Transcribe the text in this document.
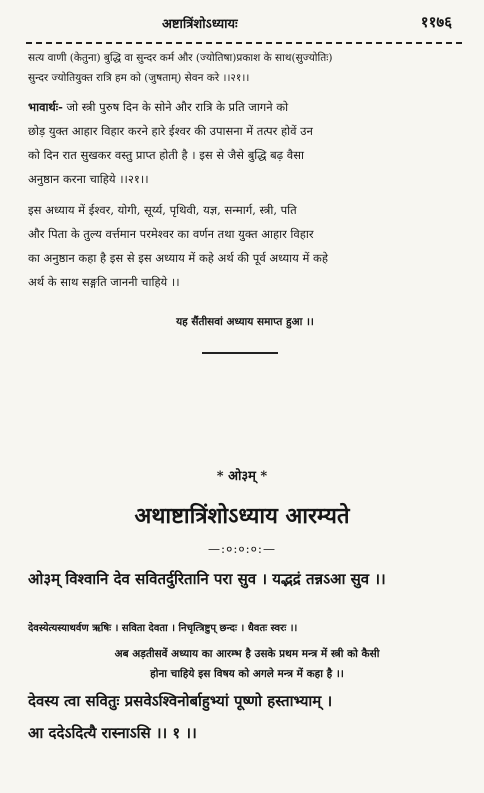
अष्टात्रिंशोऽध्यायः	११७६
सत्य वाणी (केतुना) बुद्धि वा सुन्दर कर्म और (ज्योतिषा)प्रकाश के साथ(सुज्योतिः)
सुन्दर ज्योतियुक्त रात्रि हम को (जुषताम्) सेवन करे ।।२१।।
भावार्थः- जो स्त्री पुरुष दिन के सोने और रात्रि के प्रति जागने को
छोड़ युक्त आहार विहार करने हारे ईश्वर की उपासना में तत्पर होवें उन
को दिन रात सुखकर वस्तु प्राप्त होती है । इस से जैसे बुद्धि बढ़ वैसा
अनुष्ठान करना चाहिये ।।२१।।
इस अध्याय में ईश्वर, योगी, सूर्य्य, पृथिवी, यज्ञ, सन्मार्ग, स्त्री, पति
और पिता के तुल्य वर्त्तमान परमेश्वर का वर्णन तथा युक्त आहार विहार
का अनुष्ठान कहा है इस से इस अध्याय में कहे अर्थ की पूर्व अध्याय में कहे
अर्थ के साथ सङ्गति जाननी चाहिये ।।
यह सैंतीसवां अध्याय समाप्त हुआ ।।
* ओ३म् *
अथाष्टात्रिंशोऽध्याय आरम्यते
—:०:०:०:—
ओ३म् विश्वानि देव सवितर्दुरितानि परा सुव । यद्भद्रं तन्नऽआ सुव ।।
देवस्येत्यस्याथर्वण ऋषिः । सविता देवता । निचृत्त्रिष्टुप् छन्दः । धैवतः स्वरः ।।
अब अड़तीसवें अध्याय का आरम्भ है उसके प्रथम मन्त्र में स्त्री को कैसी
होना चाहिये इस विषय को अगले मन्त्र में कहा है ।।
देवस्य त्वा सवितुः प्रसवेऽश्विनोर्बाहुभ्यां पूष्णो हस्ताभ्याम् ।
आ ददेऽदित्यै रास्नाऽसि ।। १ ।।
